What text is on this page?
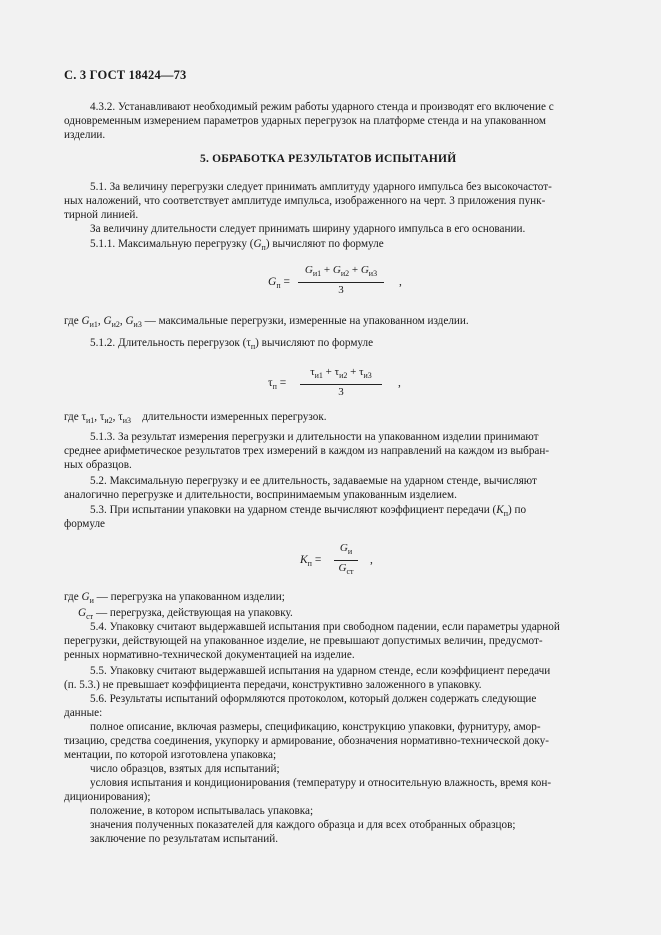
С. 3 ГОСТ 18424—73
4.3.2. Устанавливают необходимый режим работы ударного стенда и производят его включение с
одновременным измерением параметров ударных перегрузок на платформе стенда и на упакованном
изделии.
5. ОБРАБОТКА РЕЗУЛЬТАТОВ ИСПЫТАНИЙ
5.1. За величину перегрузки следует принимать амплитуду ударного импульса без высокочастот-
ных наложений, что соответствует амплитуде импульса, изображенного на черт. 3 приложения пунк-
тирной линией.
За величину длительности следует принимать ширину ударного импульса в его основании.
5.1.1. Максимальную перегрузку $(G_п)$ вычисляют по формуле
$G_п$ =
$G_{и1} + G_{и2} + G_{и3}$
3
,
где $G_{и1}$, $G_{и2}$, $G_{и3}$ — максимальные перегрузки, измеренные на упакованном изделии.
5.1.2. Длительность перегрузок $(\tau_п)$ вычисляют по формуле
$\tau_п$ =
$\tau_{и1} + \tau_{и2} + \tau_{и3}$
3
,
где $\tau_{и1}$, $\tau_{и2}$, $\tau_{и3}$ длительности измеренных перегрузок.
5.1.3. За результат измерения перегрузки и длительности на упакованном изделии принимают
среднее арифметическое результатов трех измерений в каждом из направлений на каждом из выбран-
ных образцов.
5.2. Максимальную перегрузку и ее длительность, задаваемые на ударном стенде, вычисляют
аналогично перегрузке и длительности, воспринимаемым упакованным изделием.
5.3. При испытании упаковки на ударном стенде вычисляют коэффициент передачи $(K_п)$ по
формуле
$K_п$ =
$G_и$
$G_{ст}$
,
где $G_и$ — перегрузка на упакованном изделии;
$G_{ст}$ — перегрузка, действующая на упаковку.
5.4. Упаковку считают выдержавшей испытания при свободном падении, если параметры ударной
перегрузки, действующей на упакованное изделие, не превышают допустимых величин, предусмот-
ренных нормативно-технической документацией на изделие.
5.5. Упаковку считают выдержавшей испытания на ударном стенде, если коэффициент передачи
(п. 5.3.) не превышает коэффициента передачи, конструктивно заложенного в упаковку.
5.6. Результаты испытаний оформляются протоколом, который должен содержать следующие
данные:
полное описание, включая размеры, спецификацию, конструкцию упаковки, фурнитуру, амор-
тизацию, средства соединения, укупорку и армирование, обозначения нормативно-технической доку-
ментации, по которой изготовлена упаковка;
число образцов, взятых для испытаний;
условия испытания и кондиционирования (температуру и относительную влажность, время кон-
диционирования);
положение, в котором испытывалась упаковка;
значения полученных показателей для каждого образца и для всех отобранных образцов;
заключение по результатам испытаний.
